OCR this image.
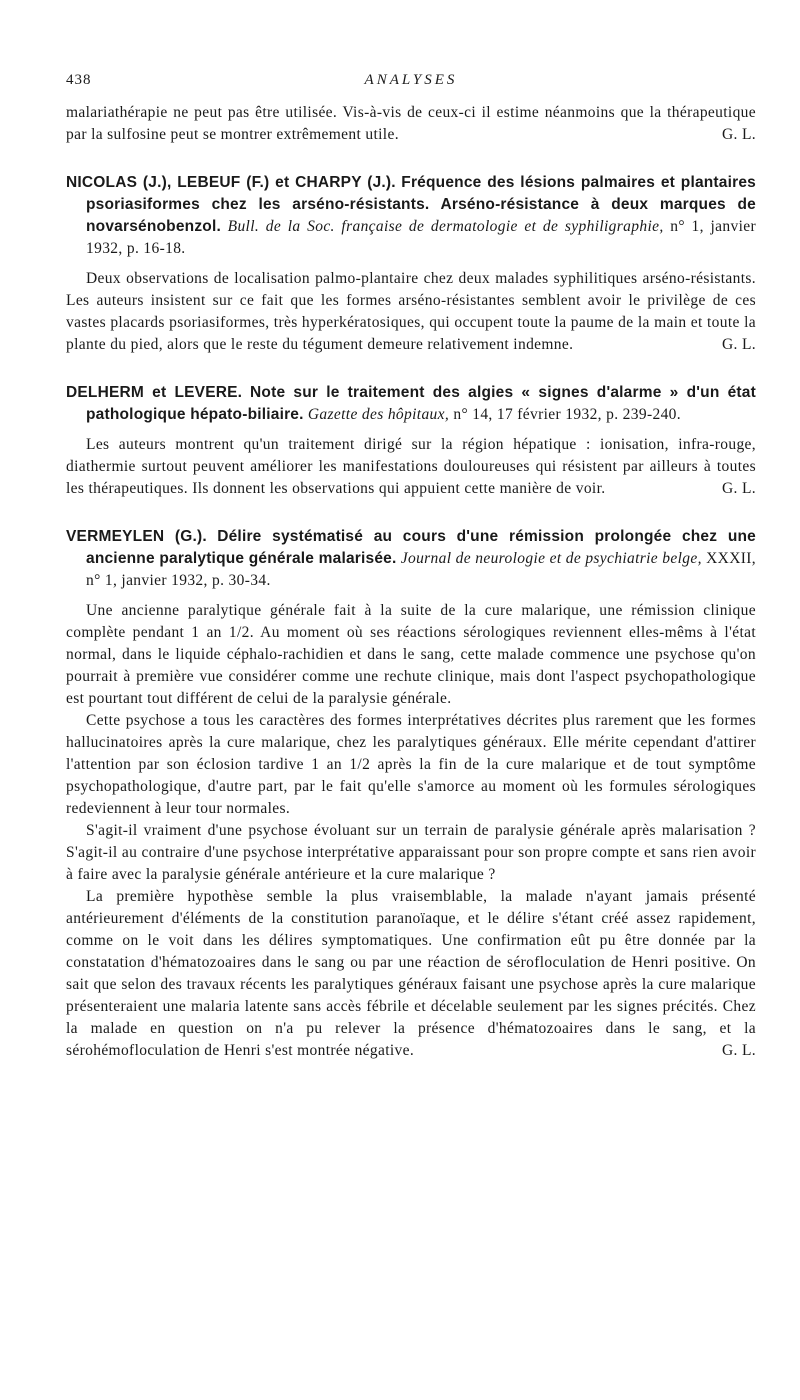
438	ANALYSES

malariathérapie ne peut pas être utilisée. Vis-à-vis de ceux-ci il estime néanmoins que la thérapeutique par la sulfosine peut se montrer extrêmement utile.	G. L.

NICOLAS (J.), LEBEUF (F.) et CHARPY (J.). Fréquence des lésions palmaires et plantaires psoriasiformes chez les arséno-résistants. Arséno-résistance à deux marques de novarsénobenzol. Bull. de la Soc. française de dermatologie et de syphiligraphie, n° 1, janvier 1932, p. 16-18.

Deux observations de localisation palmo-plantaire chez deux malades syphilitiques arséno-résistants. Les auteurs insistent sur ce fait que les formes arséno-résistantes semblent avoir le privilège de ces vastes placards psoriasiformes, très hyperkératosiques, qui occupent toute la paume de la main et toute la plante du pied, alors que le reste du tégument demeure relativement indemne.	G. L.

DELHERM et LEVERE. Note sur le traitement des algies « signes d'alarme » d'un état pathologique hépato-biliaire. Gazette des hôpitaux, n° 14, 17 février 1932, p. 239-240.

Les auteurs montrent qu'un traitement dirigé sur la région hépatique : ionisation, infra-rouge, diathermie surtout peuvent améliorer les manifestations douloureuses qui résistent par ailleurs à toutes les thérapeutiques. Ils donnent les observations qui appuient cette manière de voir.	G. L.

VERMEYLEN (G.). Délire systématisé au cours d'une rémission prolongée chez une ancienne paralytique générale malarisée. Journal de neurologie et de psychiatrie belge, XXXII, n° 1, janvier 1932, p. 30-34.

Une ancienne paralytique générale fait à la suite de la cure malarique, une rémission clinique complète pendant 1 an 1/2. Au moment où ses réactions sérologiques reviennent elles-mêms à l'état normal, dans le liquide céphalo-rachidien et dans le sang, cette malade commence une psychose qu'on pourrait à première vue considérer comme une rechute clinique, mais dont l'aspect psychopathologique est pourtant tout différent de celui de la paralysie générale.

Cette psychose a tous les caractères des formes interprétatives décrites plus rarement que les formes hallucinatoires après la cure malarique, chez les paralytiques généraux. Elle mérite cependant d'attirer l'attention par son éclosion tardive 1 an 1/2 après la fin de la cure malarique et de tout symptôme psychopathologique, d'autre part, par le fait qu'elle s'amorce au moment où les formules sérologiques redeviennent à leur tour normales.

S'agit-il vraiment d'une psychose évoluant sur un terrain de paralysie générale après malarisation ? S'agit-il au contraire d'une psychose interprétative apparaissant pour son propre compte et sans rien avoir à faire avec la paralysie générale antérieure et la cure malarique ?

La première hypothèse semble la plus vraisemblable, la malade n'ayant jamais présenté antérieurement d'éléments de la constitution paranoïaque, et le délire s'étant créé assez rapidement, comme on le voit dans les délires symptomatiques. Une confirmation eût pu être donnée par la constatation d'hématozoaires dans le sang ou par une réaction de sérofloculation de Henri positive. On sait que selon des travaux récents les paralytiques généraux faisant une psychose après la cure malarique présenteraient une malaria latente sans accès fébrile et décelable seulement par les signes précités. Chez la malade en question on n'a pu relever la présence d'hématozoaires dans le sang, et la sérohémofloculation de Henri s'est montrée négative.	G. L.
